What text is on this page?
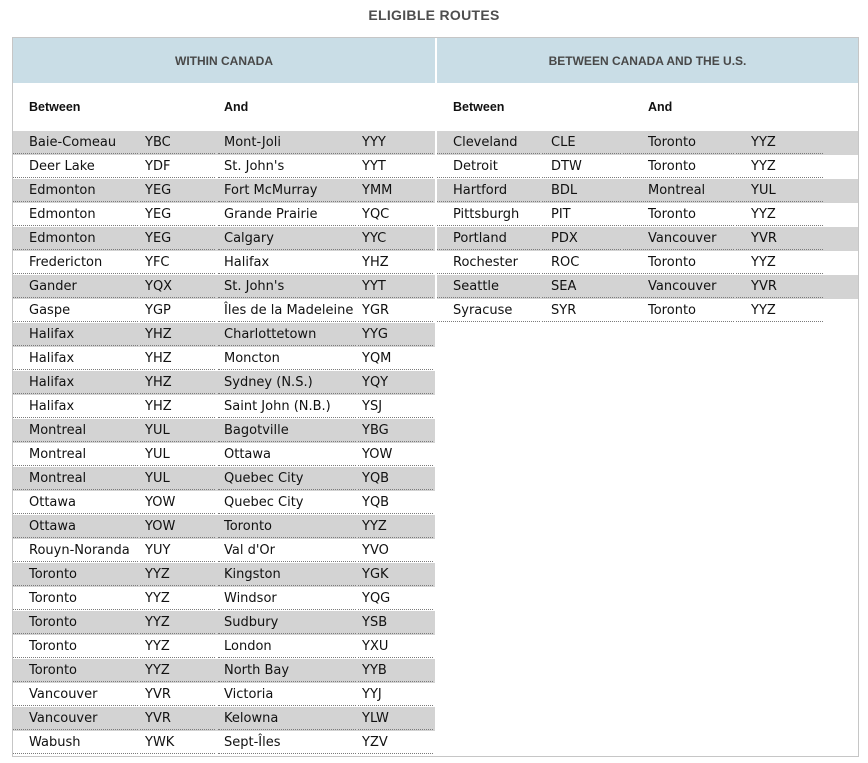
ELIGIBLE ROUTES
WITHIN CANADA	BETWEEN CANADA AND THE U.S.
Between	And	Between	And
Baie-Comeau YBC	Mont-Joli	YYY
Deer Lake	YDF	St. John's	YYT
Edmonton	YEG	Fort McMurray	YMM
Edmonton	YEG	Grande Prairie	YQC
Edmonton	YEG	Calgary	YYC
Fredericton	YFC	Halifax	YHZ
Gander	YQX	St. John's	YYT
Gaspe	YGP	Îles de la Madeleine YGR
Halifax	YHZ	Charlottetown	YYG
Halifax	YHZ	Moncton	YQM
Halifax	YHZ	Sydney (N.S.)	YQY
Halifax	YHZ	Saint John (N.B.) YSJ
Montreal	YUL	Bagotville	YBG
Montreal	YUL	Ottawa	YOW
Montreal	YUL	Quebec City	YQB
Ottawa	YOW	Quebec City	YQB
Ottawa	YOW	Toronto	YYZ
Rouyn-Noranda YUY	Val d'Or	YVO
Toronto	YYZ	Kingston	YGK
Toronto	YYZ	Windsor	YQG
Toronto	YYZ	Sudbury	YSB
Toronto	YYZ	London	YXU
Toronto	YYZ	North Bay	YYB
Vancouver	YVR	Victoria	YYJ
Vancouver	YVR	Kelowna	YLW
Wabush	YWK	Sept-Îles	YZV
Cleveland	CLE	Toronto	YYZ
Detroit	DTW	Toronto	YYZ
Hartford	BDL	Montreal	YUL
Pittsburgh PIT	Toronto	YYZ
Portland	PDX	Vancouver	YVR
Rochester	ROC	Toronto	YYZ
Seattle	SEA	Vancouver	YVR
Syracuse	SYR	Toronto	YYZ
